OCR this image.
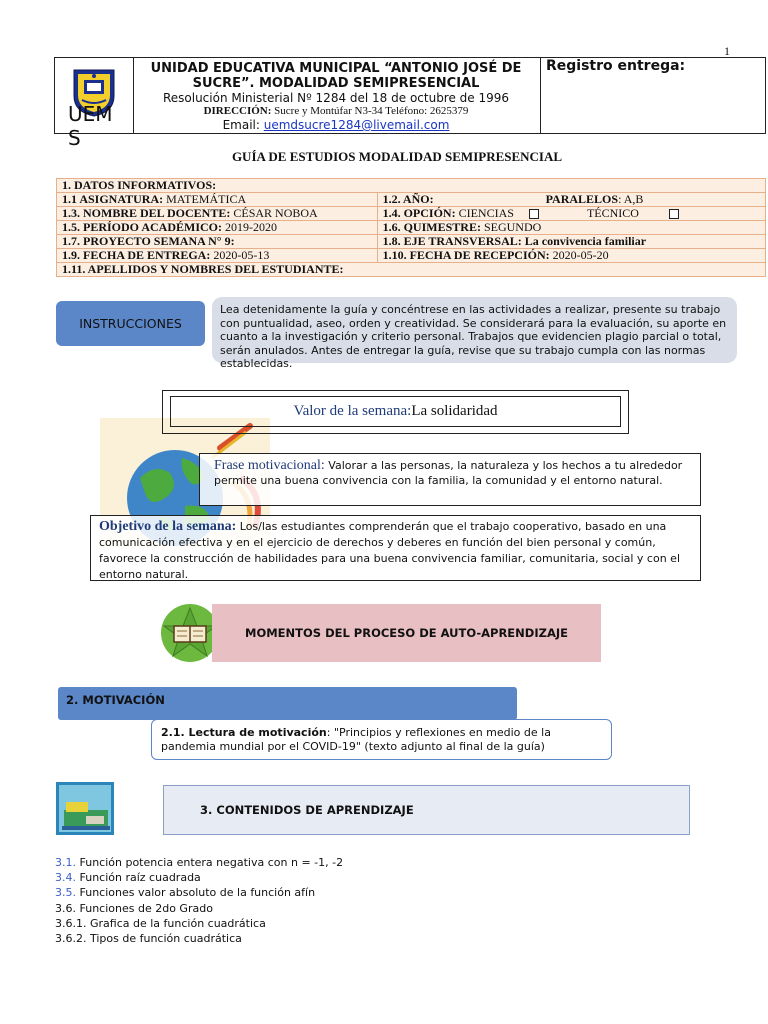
1
UEM S
UNIDAD EDUCATIVA MUNICIPAL “ANTONIO JOSÉ DE SUCRE”. MODALIDAD SEMIPRESENCIAL
Resolución Ministerial Nº 1284 del 18 de octubre de 1996
DIRECCIÓN: Sucre y Montúfar N3-34 Teléfono: 2625379
Email: uemdsucre1284@livemail.com
Registro entrega:
GUÍA DE ESTUDIOS MODALIDAD SEMIPRESENCIAL
1. DATOS INFORMATIVOS:	
1.1 ASIGNATURA: MATEMÁTICA	1.2. AÑO: PARALELOS: A,B
1.3. NOMBRE DEL DOCENTE: CÉSAR NOBOA	1.4. OPCIÓN: CIENCIAS TÉCNICO
1.5. PERÍODO ACADÉMICO: 2019-2020	1.6. QUIMESTRE: SEGUNDO
1.7. PROYECTO SEMANA N° 9:	1.8. EJE TRANSVERSAL: La convivencia familiar
1.9. FECHA DE ENTREGA: 2020-05-13	1.10. FECHA DE RECEPCIÓN: 2020-05-20
1.11. APELLIDOS Y NOMBRES DEL ESTUDIANTE:	
INSTRUCCIONES
Lea detenidamente la guía y concéntrese en las actividades a realizar, presente su trabajo con puntualidad, aseo, orden y creatividad. Se considerará para la evaluación, su aporte en cuanto a la investigación y criterio personal. Trabajos que evidencien plagio parcial o total, serán anulados. Antes de entregar la guía, revise que su trabajo cumpla con las normas establecidas.
Valor de la semana: La solidaridad
Frase motivacional: Valorar a las personas, la naturaleza y los hechos a tu alrededor permite una buena convivencia con la familia, la comunidad y el entorno natural.
Objetivo de la semana: Los/las estudiantes comprenderán que el trabajo cooperativo, basado en una comunicación efectiva y en el ejercicio de derechos y deberes en función del bien personal y común, favorece la construcción de habilidades para una buena convivencia familiar, comunitaria, social y con el entorno natural.
MOMENTOS DEL PROCESO DE AUTO-APRENDIZAJE
2. MOTIVACIÓN
2.1. Lectura de motivación: "Principios y reflexiones en medio de la pandemia mundial por el COVID-19" (texto adjunto al final de la guía)
3. CONTENIDOS DE APRENDIZAJE
3.1. Función potencia entera negativa con n = -1, -2
3.4. Función raíz cuadrada
3.5. Funciones valor absoluto de la función afín
3.6. Funciones de 2do Grado
3.6.1. Grafica de la función cuadrática
3.6.2. Tipos de función cuadrática
